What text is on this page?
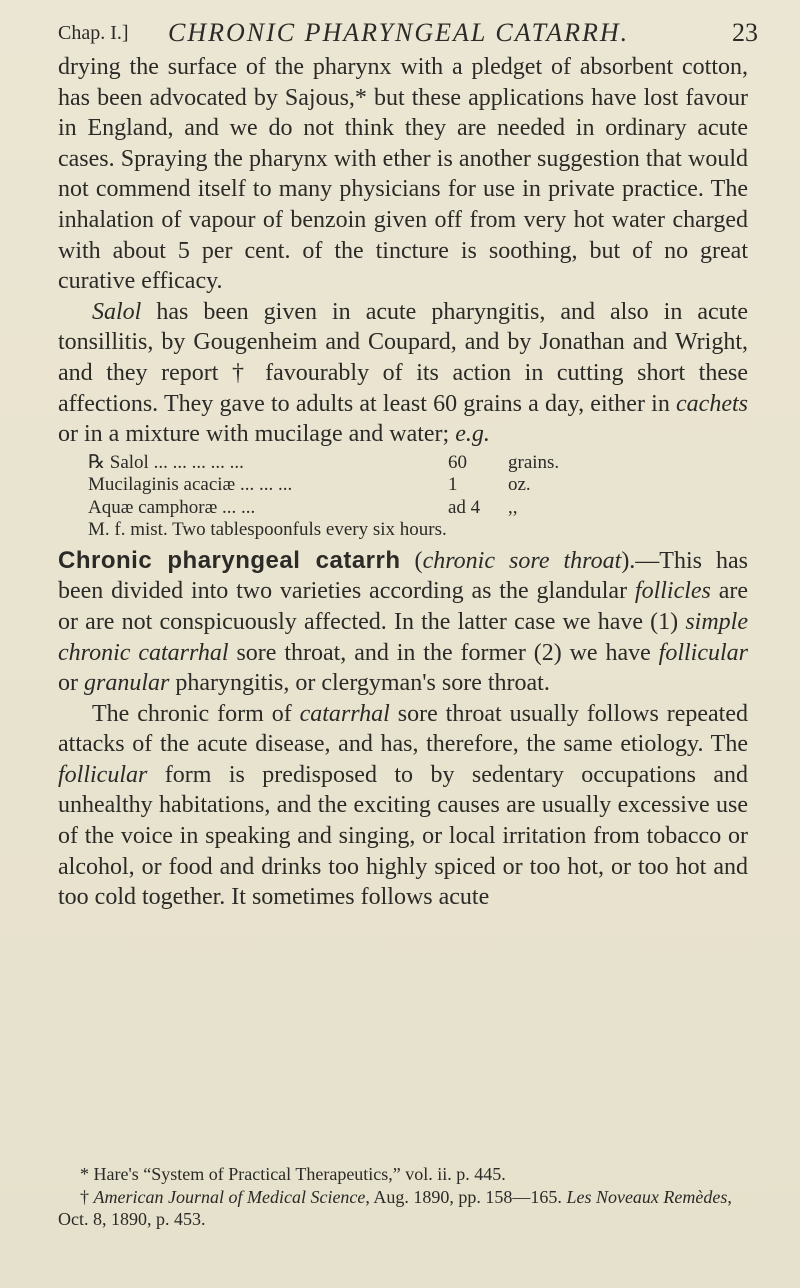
Chap. I.] CHRONIC PHARYNGEAL CATARRH.	23

drying the surface of the pharynx with a pledget of absorbent cotton, has been advocated by Sajous,* but these applications have lost favour in England, and we do not think they are needed in ordinary acute cases. Spraying the pharynx with ether is another suggestion that would not commend itself to many physicians for use in private practice. The inhalation of vapour of benzoin given off from very hot water charged with about 5 per cent. of the tincture is soothing, but of no great curative efficacy.

Salol has been given in acute pharyngitis, and also in acute tonsillitis, by Gougenheim and Coupard, and by Jonathan and Wright, and they report † favourably of its action in cutting short these affections. They gave to adults at least 60 grains a day, either in cachets or in a mixture with mucilage and water; e.g.

℞ Salol ... ... ... ... ...	60	grains.
Mucilaginis acaciæ ... ... ...	1	oz.
Aquæ camphoræ ... ...	ad 4	,,
M. f. mist. Two tablespoonfuls every six hours.

Chronic pharyngeal catarrh (chronic sore throat).—This has been divided into two varieties according as the glandular follicles are or are not conspicuously affected. In the latter case we have (1) simple chronic catarrhal sore throat, and in the former (2) we have follicular or granular pharyngitis, or clergyman's sore throat.

The chronic form of catarrhal sore throat usually follows repeated attacks of the acute disease, and has, therefore, the same etiology. The follicular form is predisposed to by sedentary occupations and unhealthy habitations, and the exciting causes are usually excessive use of the voice in speaking and singing, or local irritation from tobacco or alcohol, or food and drinks too highly spiced or too hot, or too hot and too cold together. It sometimes follows acute

* Hare's “System of Practical Therapeutics,” vol. ii. p. 445.

† American Journal of Medical Science, Aug. 1890, pp. 158—165. Les Noveaux Remèdes, Oct. 8, 1890, p. 453.
